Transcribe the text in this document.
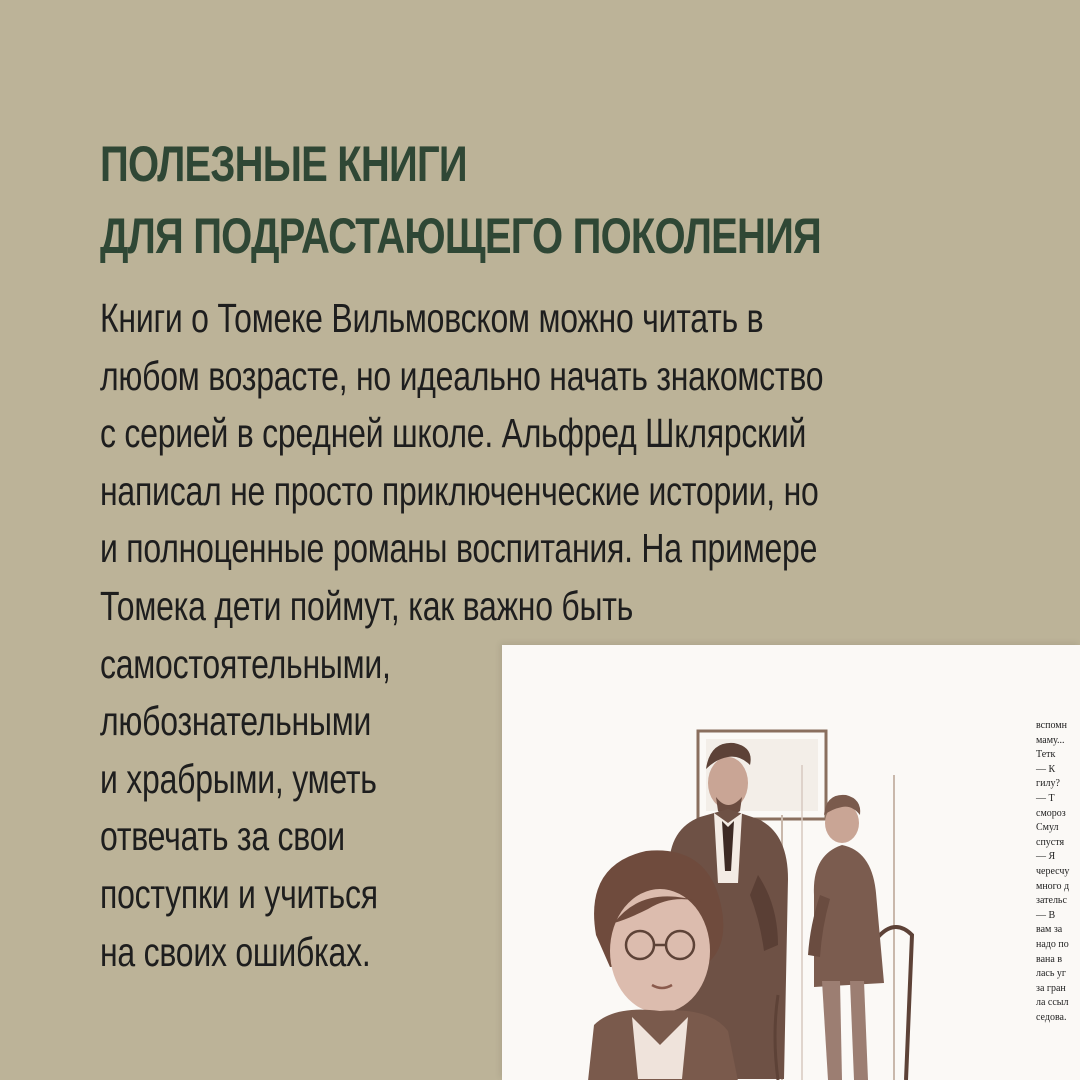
ПОЛЕЗНЫЕ КНИГИ
ДЛЯ ПОДРАСТАЮЩЕГО ПОКОЛЕНИЯ
Книги о Томеке Вильмовском можно читать в
любом возрасте, но идеально начать знакомство
с серией в средней школе. Альфред Шклярский
написал не просто приключенческие истории, но
и полноценные романы воспитания. На примере
Томека дети поймут, как важно быть
самостоятельными,
любознательными
и храбрыми, уметь
отвечать за свои
поступки и учиться
на своих ошибках.
вспомн
маму...
Тетк
— К
гилу?
— Т
смороз
Смул
спустя
— Я
чересчу
много д
зательс
— В
вам за
надо по
вана в
лась уг
за гран
ла ссыл
седова.
